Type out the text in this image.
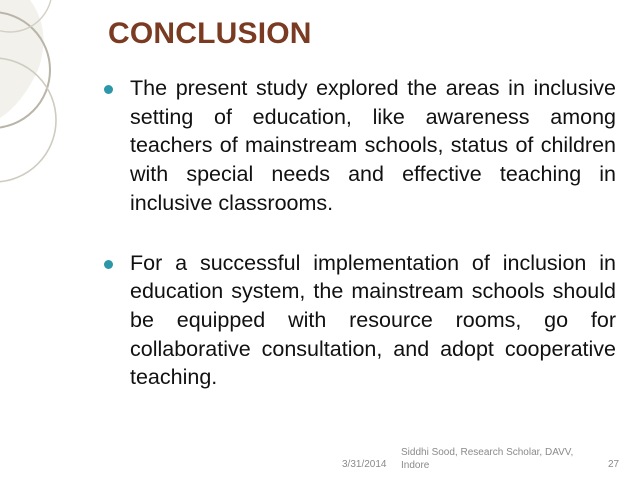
CONCLUSION

The present study explored the areas in inclusive setting of education, like awareness among teachers of mainstream schools, status of children with special needs and effective teaching in inclusive classrooms.

For a successful implementation of inclusion in education system, the mainstream schools should be equipped with resource rooms, go for collaborative consultation, and adopt cooperative teaching.

3/31/2014
Siddhi Sood, Research Scholar, DAVV, Indore	27
